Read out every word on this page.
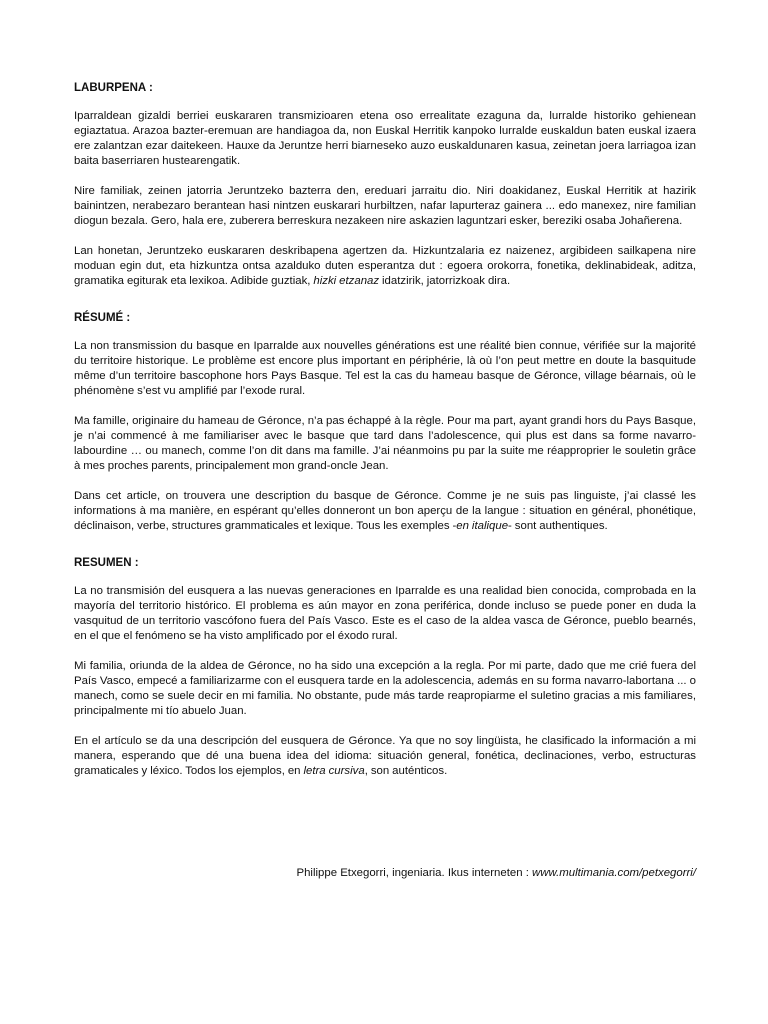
LABURPENA :

Iparraldean gizaldi berriei euskararen transmizioaren etena oso errealitate ezaguna da, lurralde historiko gehienean egiaztatua. Arazoa bazter-eremuan are handiagoa da, non Euskal Herritik kanpoko lurralde euskaldun baten euskal izaera ere zalantzan ezar daitekeen. Hauxe da Jeruntze herri biarneseko auzo euskaldunaren kasua, zeinetan joera larriagoa izan baita baserriaren hustearengatik.

Nire familiak, zeinen jatorria Jeruntzeko bazterra den, ereduari jarraitu dio. Niri doakidanez, Euskal Herritik at hazirik bainintzen, nerabezaro berantean hasi nintzen euskarari hurbiltzen, nafar lapurteraz gainera ... edo manexez, nire familian diogun bezala. Gero, hala ere, zuberera berreskura nezakeen nire askazien laguntzari esker, bereziki osaba Johañerena.

Lan honetan, Jeruntzeko euskararen deskribapena agertzen da. Hizkuntzalaria ez naizenez, argibideen sailkapena nire moduan egin dut, eta hizkuntza ontsa azalduko duten esperantza dut : egoera orokorra, fonetika, deklinabideak, aditza, gramatika egiturak eta lexikoa. Adibide guztiak, hizki etzanaz idatzirik, jatorrizkoak dira.

RÉSUMÉ :

La non transmission du basque en Iparralde aux nouvelles générations est une réalité bien connue, vérifiée sur la majorité du territoire historique. Le problème est encore plus important en périphérie, là où l’on peut mettre en doute la basquitude même d’un territoire bascophone hors Pays Basque. Tel est la cas du hameau basque de Géronce, village béarnais, où le phénomène s’est vu amplifié par l’exode rural.

Ma famille, originaire du hameau de Géronce, n’a pas échappé à la règle. Pour ma part, ayant grandi hors du Pays Basque, je n’ai commencé à me familiariser avec le basque que tard dans l’adolescence, qui plus est dans sa forme navarro-labourdine … ou manech, comme l’on dit dans ma famille. J’ai néanmoins pu par la suite me réapproprier le souletin grâce à mes proches parents, principalement mon grand-oncle Jean.

Dans cet article, on trouvera une description du basque de Géronce. Comme je ne suis pas linguiste, j’ai classé les informations à ma manière, en espérant qu’elles donneront un bon aperçu de la langue : situation en général, phonétique, déclinaison, verbe, structures grammaticales et lexique. Tous les exemples -en italique- sont authentiques.

RESUMEN :

La no transmisión del eusquera a las nuevas generaciones en Iparralde es una realidad bien conocida, comprobada en la mayoría del territorio histórico. El problema es aún mayor en zona periférica, donde incluso se puede poner en duda la vasquitud de un territorio vascófono fuera del País Vasco. Este es el caso de la aldea vasca de Géronce, pueblo bearnés, en el que el fenómeno se ha visto amplificado por el éxodo rural.

Mi familia, oriunda de la aldea de Géronce, no ha sido una excepción a la regla. Por mi parte, dado que me crié fuera del País Vasco, empecé a familiarizarme con el eusquera tarde en la adolescencia, además en su forma navarro-labortana ... o manech, como se suele decir en mi familia. No obstante, pude más tarde reapropiarme el suletino gracias a mis familiares, principalmente mi tío abuelo Juan.

En el artículo se da una descripción del eusquera de Géronce. Ya que no soy lingüista, he clasificado la información a mi manera, esperando que dé una buena idea del idioma: situación general, fonética, declinaciones, verbo, estructuras gramaticales y léxico. Todos los ejemplos, en letra cursiva, son auténticos.

Philippe Etxegorri, ingeniaria. Ikus interneten : www.multimania.com/petxegorri/
